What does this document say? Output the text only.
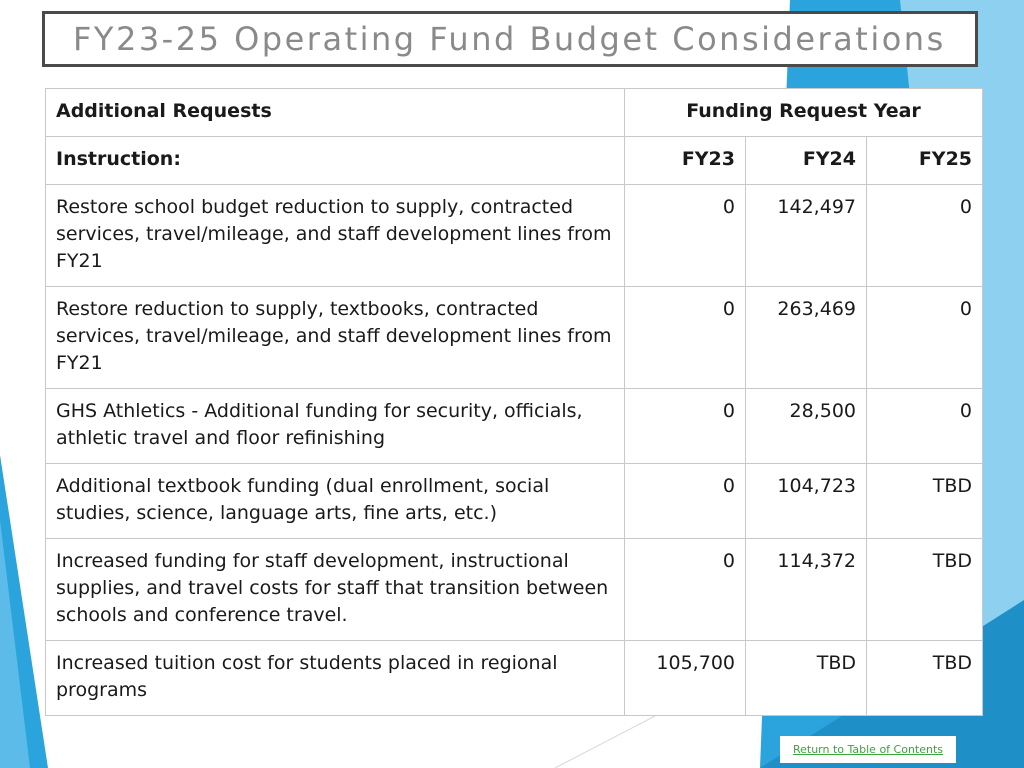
FY23-25 Operating Fund Budget Considerations
Additional Requests	Funding Request Year		
Instruction:	FY23	FY24	FY25
Restore school budget reduction to supply, contracted services, travel/mileage, and staff development lines from FY21	0	142,497	0
Restore reduction to supply, textbooks, contracted services, travel/mileage, and staff development lines from FY21	0	263,469	0
GHS Athletics - Additional funding for security, officials, athletic travel and floor refinishing	0	28,500	0
Additional textbook funding (dual enrollment, social studies, science, language arts, fine arts, etc.)	0	104,723	TBD
Increased funding for staff development, instructional supplies, and travel costs for staff that transition between schools and conference travel.	0	114,372	TBD
Increased tuition cost for students placed in regional programs	105,700	TBD	TBD
Return to Table of Contents
